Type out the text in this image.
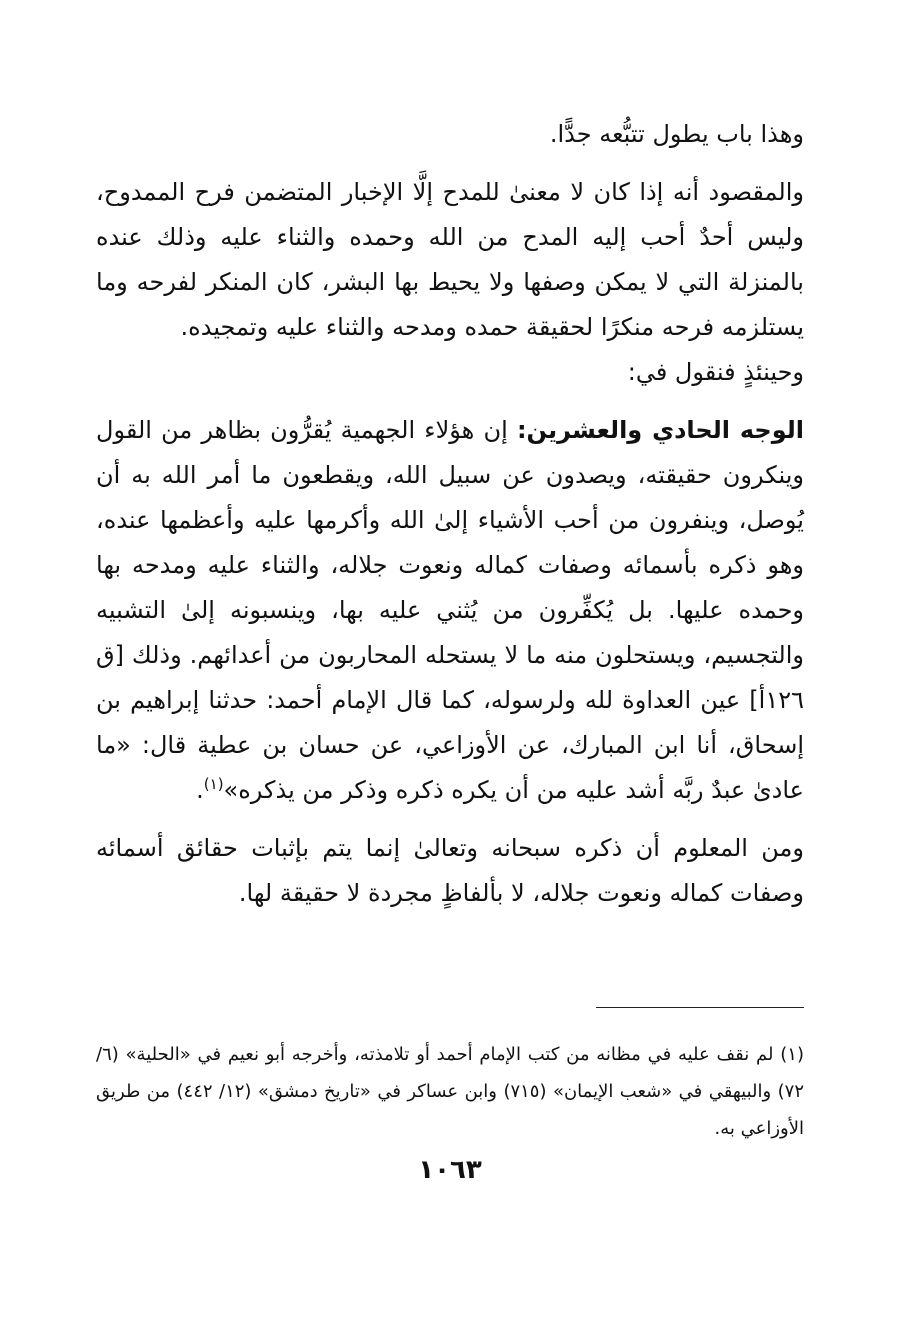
وهذا باب يطول تتبُّعه جدًّا.

والمقصود أنه إذا كان لا معنىٰ للمدح إلَّا الإخبار المتضمن فرح الممدوح، وليس أحدٌ أحب إليه المدح من الله وحمده والثناء عليه وذلك عنده بالمنزلة التي لا يمكن وصفها ولا يحيط بها البشر، كان المنكر لفرحه وما يستلزمه فرحه منكرًا لحقيقة حمده ومدحه والثناء عليه وتمجيده.

وحينئذٍ فنقول في:

الوجه الحادي والعشرين: إن هؤلاء الجهمية يُقرُّون بظاهر من القول وينكرون حقيقته، ويصدون عن سبيل الله، ويقطعون ما أمر الله به أن يُوصل، وينفرون من أحب الأشياء إلىٰ الله وأكرمها عليه وأعظمها عنده، وهو ذكره بأسمائه وصفات كماله ونعوت جلاله، والثناء عليه ومدحه بها وحمده عليها. بل يُكفِّرون من يُثني عليه بها، وينسبونه إلىٰ التشبيه والتجسيم، ويستحلون منه ما لا يستحله المحاربون من أعدائهم. وذلك [ق ١٢٦أ] عين العداوة لله ولرسوله، كما قال الإمام أحمد: حدثنا إبراهيم بن إسحاق، أنا ابن المبارك، عن الأوزاعي، عن حسان بن عطية قال: «ما عادىٰ عبدٌ ربَّه أشد عليه من أن يكره ذكره وذكر من يذكره»$^{(١)}$.

ومن المعلوم أن ذكره سبحانه وتعالىٰ إنما يتم بإثبات حقائق أسمائه وصفات كماله ونعوت جلاله، لا بألفاظٍ مجردة لا حقيقة لها.

(١) لم نقف عليه في مظانه من كتب الإمام أحمد أو تلامذته، وأخرجه أبو نعيم في «الحلية» (٦/ ٧٢) والبيهقي في «شعب الإيمان» (٧١٥) وابن عساكر في «تاريخ دمشق» (١٢/ ٤٤٢) من طريق الأوزاعي به.

١٠٦٣
